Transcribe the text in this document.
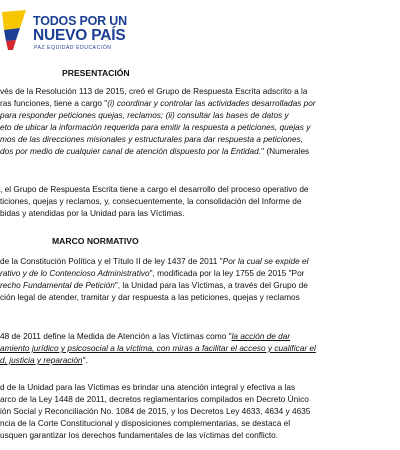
TODOS POR UN
NUEVO PAÍS
PAZ EQUIDAD EDUCACIÓN
PRESENTACIÓN
vés de la Resolución 113 de 2015, creó el Grupo de Respuesta Escrita adscrito a la
ras funciones, tiene a cargo "(i) coordinar y controlar las actividades desarrolladas por
para responder peticiones quejas, reclamos; (ii) consultar las bases de datos y
eto de ubicar la información requerida para emitir la respuesta a peticiones, quejas y
mos de las direcciones misionales y estructurales para dar respuesta a peticiones,
dos por medio de cualquier canal de atención dispuesto por la Entidad." (Numerales
, el Grupo de Respuesta Escrita tiene a cargo el desarrollo del proceso operativo de
ticiones, quejas y reclamos, y, consecuentemente, la consolidación del Informe de
bidas y atendidas por la Unidad para las Víctimas.
MARCO NORMATIVO
de la Constitución Política y el Título II de ley 1437 de 2011 "Por la cual se expide el
rativo y de lo Contencioso Administrativo", modificada por la ley 1755 de 2015 "Por
recho Fundamental de Petición", la Unidad para las Víctimas, a través del Grupo de
ción legal de atender, tramitar y dar respuesta a las peticiones, quejas y reclamos
48 de 2011 define la Medida de Atención a las Víctimas como "la acción de dar
amiento jurídico y psicosocial a la víctima, con miras a facilitar el acceso y cualificar el
d, justicia y reparación".
d de la Unidad para las Víctimas es brindar una atención integral y efectiva a las
arco de la Ley 1448 de 2011, decretos reglamentarios compilados en Decreto Único
ión Social y Reconciliación No. 1084 de 2015, y los Decretos Ley 4633, 4634 y 4635
ncia de la Corte Constitucional y disposiciones complementarias, se destaca el
usquen garantizar los derechos fundamentales de las víctimas del conflicto.
